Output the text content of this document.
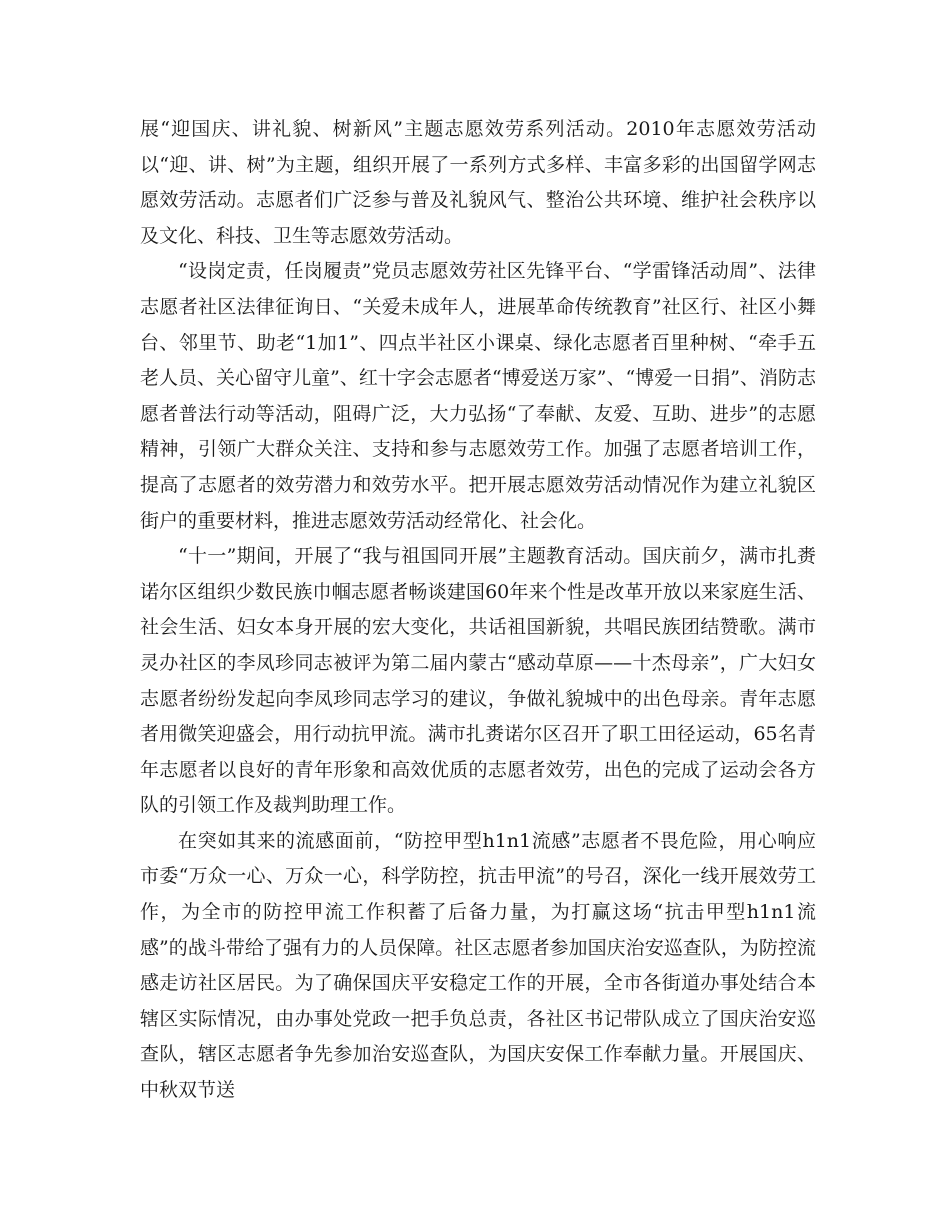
展“迎国庆、讲礼貌、树新风”主题志愿效劳系列活动。2010年志愿效劳活动以“迎、讲、树”为主题，组织开展了一系列方式多样、丰富多彩的出国留学网志愿效劳活动。志愿者们广泛参与普及礼貌风气、整治公共环境、维护社会秩序以及文化、科技、卫生等志愿效劳活动。

“设岗定责，任岗履责”党员志愿效劳社区先锋平台、“学雷锋活动周”、法律志愿者社区法律征询日、“关爱未成年人，进展革命传统教育”社区行、社区小舞台、邻里节、助老“1加1”、四点半社区小课桌、绿化志愿者百里种树、“牵手五老人员、关心留守儿童”、红十字会志愿者“博爱送万家”、“博爱一日捐”、消防志愿者普法行动等活动，阻碍广泛，大力弘扬“了奉献、友爱、互助、进步”的志愿精神，引领广大群众关注、支持和参与志愿效劳工作。加强了志愿者培训工作，提高了志愿者的效劳潜力和效劳水平。把开展志愿效劳活动情况作为建立礼貌区街户的重要材料，推进志愿效劳活动经常化、社会化。

“十一”期间，开展了“我与祖国同开展”主题教育活动。国庆前夕，满市扎赉诺尔区组织少数民族巾帼志愿者畅谈建国60年来个性是改革开放以来家庭生活、社会生活、妇女本身开展的宏大变化，共话祖国新貌，共唱民族团结赞歌。满市灵办社区的李凤珍同志被评为第二届内蒙古“感动草原——十杰母亲”，广大妇女志愿者纷纷发起向李凤珍同志学习的建议，争做礼貌城中的出色母亲。青年志愿者用微笑迎盛会，用行动抗甲流。满市扎赉诺尔区召开了职工田径运动，65名青年志愿者以良好的青年形象和高效优质的志愿者效劳，出色的完成了运动会各方队的引领工作及裁判助理工作。

在突如其来的流感面前，“防控甲型h1n1流感”志愿者不畏危险，用心响应市委“万众一心、万众一心，科学防控，抗击甲流”的号召，深化一线开展效劳工作，为全市的防控甲流工作积蓄了后备力量，为打赢这场“抗击甲型h1n1流感”的战斗带给了强有力的人员保障。社区志愿者参加国庆治安巡查队，为防控流感走访社区居民。为了确保国庆平安稳定工作的开展，全市各街道办事处结合本辖区实际情况，由办事处党政一把手负总责，各社区书记带队成立了国庆治安巡查队，辖区志愿者争先参加治安巡查队，为国庆安保工作奉献力量。开展国庆、中秋双节送
